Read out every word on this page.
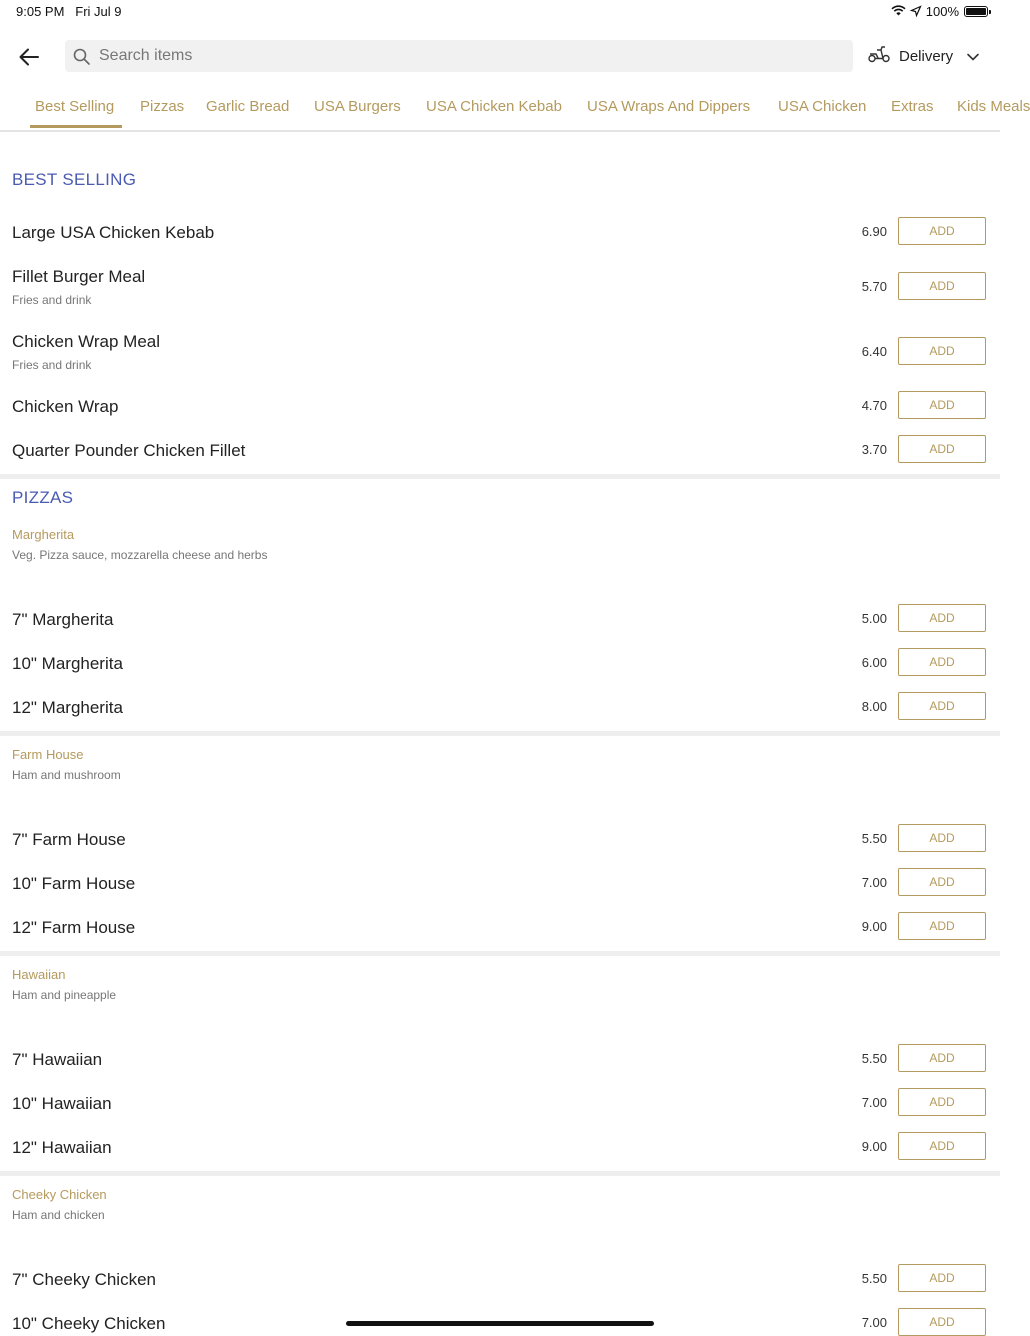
9:05 PM Fri Jul 9	100%
Search items
Delivery
Best Selling Pizzas Garlic Bread USA Burgers USA Chicken Kebab USA Wraps And Dippers USA Chicken Extras Kids Meals
BEST SELLING
Large USA Chicken Kebab	6.90	ADD
Fillet Burger Meal
Fries and drink
5.70	ADD
Chicken Wrap Meal
Fries and drink
6.40	ADD
Chicken Wrap	4.70	ADD
Quarter Pounder Chicken Fillet	3.70	ADD
PIZZAS
Margherita
Veg. Pizza sauce, mozzarella cheese and herbs
7" Margherita	5.00	ADD
10" Margherita	6.00	ADD
12" Margherita	8.00	ADD
Farm House
Ham and mushroom
7" Farm House	5.50	ADD
10" Farm House	7.00	ADD
12" Farm House	9.00	ADD
Hawaiian
Ham and pineapple
7" Hawaiian	5.50	ADD
10" Hawaiian	7.00	ADD
12" Hawaiian	9.00	ADD
Cheeky Chicken
Ham and chicken
7" Cheeky Chicken	5.50	ADD
10" Cheeky Chicken	7.00	ADD
